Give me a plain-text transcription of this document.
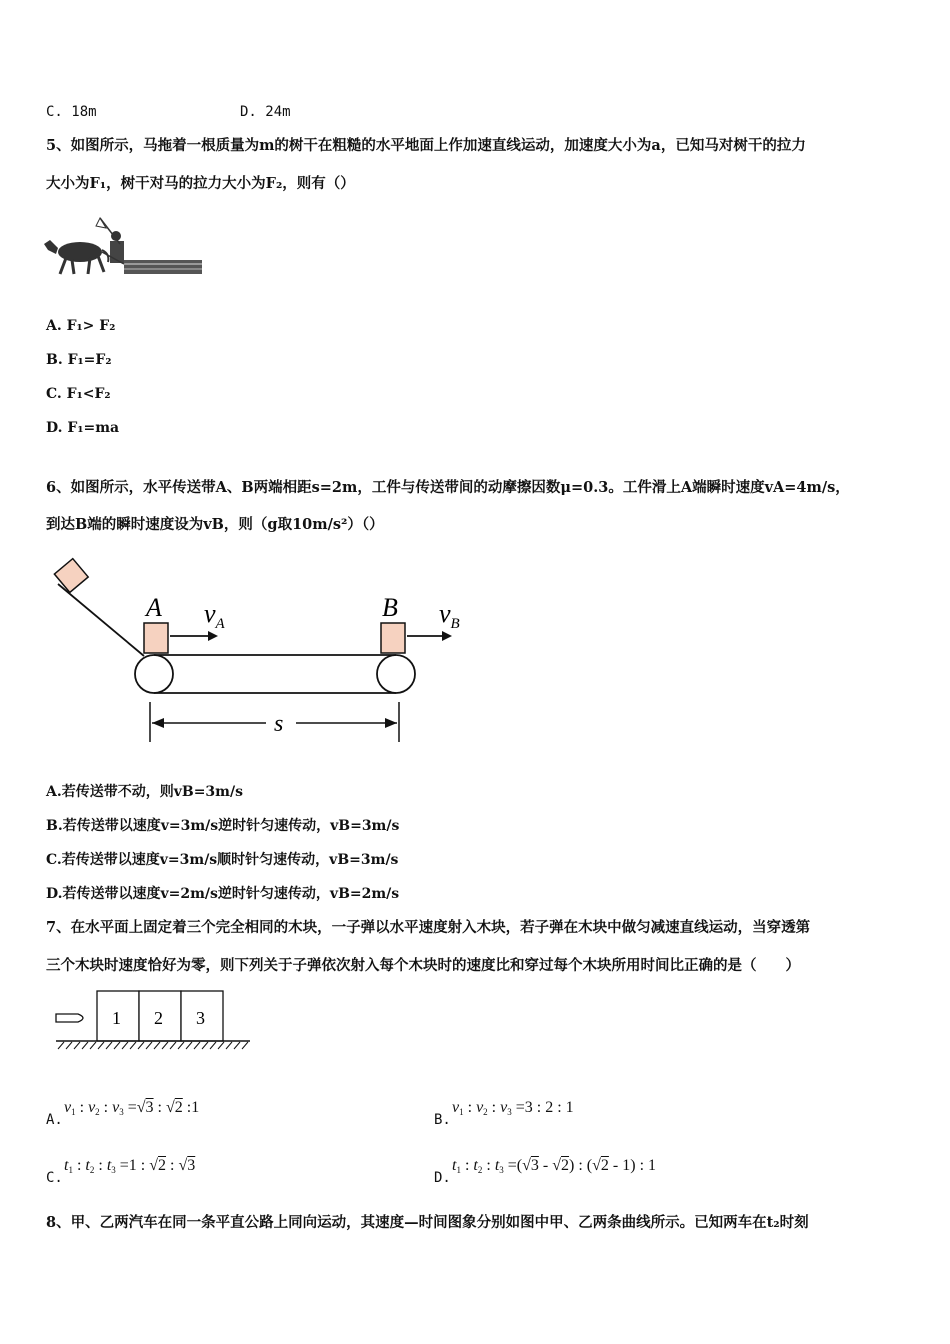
C. 18m	D. 24m
5、如图所示，马拖着一根质量为m的树干在粗糙的水平地面上作加速直线运动，加速度大小为a，已知马对树干的拉力
大小为F₁，树干对马的拉力大小为F₂，则有（）
A. F₁> F₂
B. F₁=F₂
C. F₁<F₂
D. F₁=ma
6、如图所示，水平传送带A、B两端相距s=2m，工件与传送带间的动摩擦因数μ=0.3。工件滑上A端瞬时速度vA=4m/s，
到达B端的瞬时速度设为vB，则（g取10m/s²）（）
A	B
$v_A$	$v_B$
s
A.若传送带不动，则vB=3m/s
B.若传送带以速度v=3m/s逆时针匀速传动，vB=3m/s
C.若传送带以速度v=3m/s顺时针匀速传动，vB=3m/s
D.若传送带以速度v=2m/s逆时针匀速传动，vB=2m/s
7、在水平面上固定着三个完全相同的木块，一子弹以水平速度射入木块，若子弹在木块中做匀减速直线运动，当穿透第
三个木块时速度恰好为零，则下列关于子弹依次射入每个木块时的速度比和穿过每个木块所用时间比正确的是（　　）
1 2 3
A.
$v_1$ : $v_2$ : $v_3 =√3$ : √2 :1
B.
$v_1$ : $v_2$ : $v_3 =3$ : 2 : 1
C.
$t_1$ : $t_2$ : $t_3 =1$ : √2 : √3
D.
$t_1$ : $t_2$ : $t_3 =(√3 - √2)$ : (√2 - 1) : 1
8、甲、乙两汽车在同一条平直公路上同向运动，其速度—时间图象分别如图中甲、乙两条曲线所示。已知两车在t₂时刻
